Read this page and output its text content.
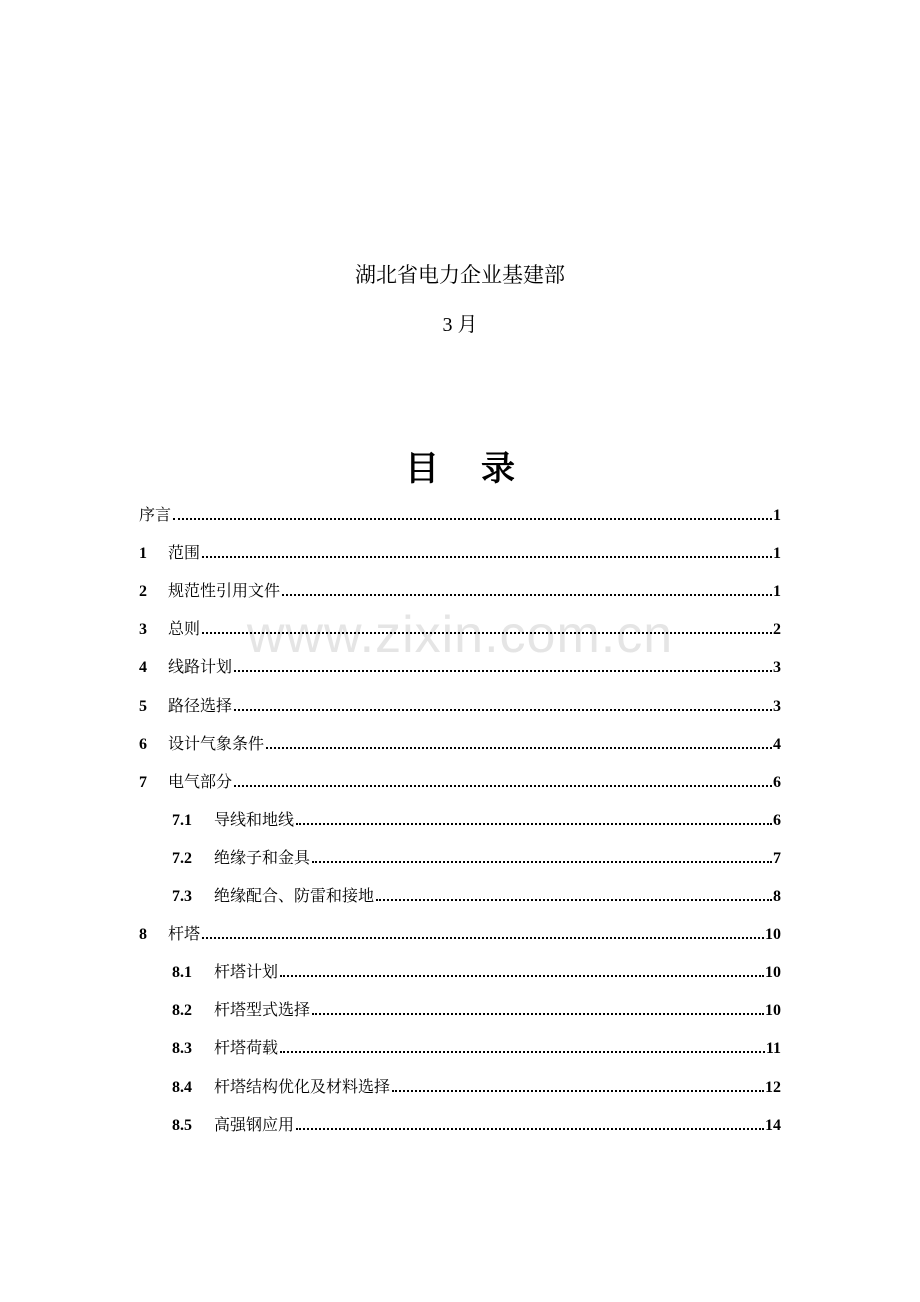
湖北省电力企业基建部
3 月
目 录
www.zixin.com.cn
序言	1
1	范围	1
2	规范性引用文件	1
3	总则	2
4	线路计划	3
5	路径选择	3
6	设计气象条件	4
7	电气部分	6
7.1	导线和地线	6
7.2	绝缘子和金具	7
7.3	绝缘配合、防雷和接地	8
8	杆塔	10
8.1	杆塔计划	10
8.2	杆塔型式选择	10
8.3	杆塔荷载	11
8.4	杆塔结构优化及材料选择	12
8.5	高强钢应用	14
